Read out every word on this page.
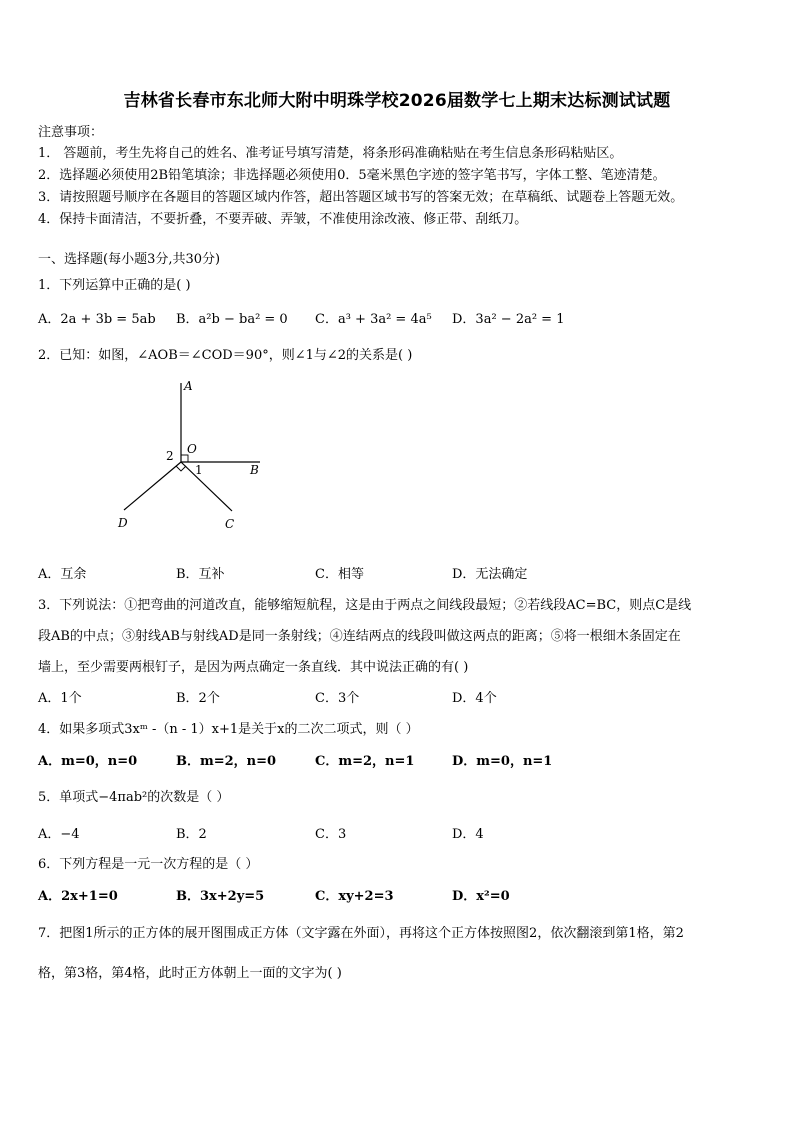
吉林省长春市东北师大附中明珠学校2026届数学七上期末达标测试试题
注意事项：
1． 答题前，考生先将自己的姓名、准考证号填写清楚，将条形码准确粘贴在考生信息条形码粘贴区。
2．选择题必须使用2B铅笔填涂；非选择题必须使用0．5毫米黑色字迹的签字笔书写，字体工整、笔迹清楚。
3．请按照题号顺序在各题目的答题区域内作答，超出答题区域书写的答案无效；在草稿纸、试题卷上答题无效。
4．保持卡面清洁，不要折叠，不要弄破、弄皱，不准使用涂改液、修正带、刮纸刀。
一、选择题(每小题3分,共30分)
1．下列运算中正确的是( )
A．2a + 3b = 5ab B．a²b − ba² = 0 C．a³ + 3a² = 4a⁵ D．3a² − 2a² = 1
2．已知：如图，∠AOB＝∠COD＝90°，则∠1与∠2的关系是( )
A
O
B
C
D
1
2
A．互余	B．互补	C．相等	D．无法确定
3．下列说法：①把弯曲的河道改直，能够缩短航程，这是由于两点之间线段最短；②若线段AC=BC，则点C是线
段AB的中点；③射线AB与射线AD是同一条射线；④连结两点的线段叫做这两点的距离；⑤将一根细木条固定在
墙上，至少需要两根钉子，是因为两点确定一条直线．其中说法正确的有( )
A．1个	B．2个	C．3个	D．4个
4．如果多项式3xᵐ -（n - 1）x+1是关于x的二次二项式，则（ ）
A．m=0，n=0	B．m=2，n=0	C．m=2，n=1	D．m=0，n=1
5．单项式−4πab²的次数是（ ）
A．−4	B．2	C．3	D．4
6．下列方程是一元一次方程的是（ ）
A．2x+1=0	B．3x+2y=5	C．xy+2=3	D．x²=0
7．把图1所示的正方体的展开图围成正方体（文字露在外面），再将这个正方体按照图2，依次翻滚到第1格，第2
格，第3格，第4格，此时正方体朝上一面的文字为( )
